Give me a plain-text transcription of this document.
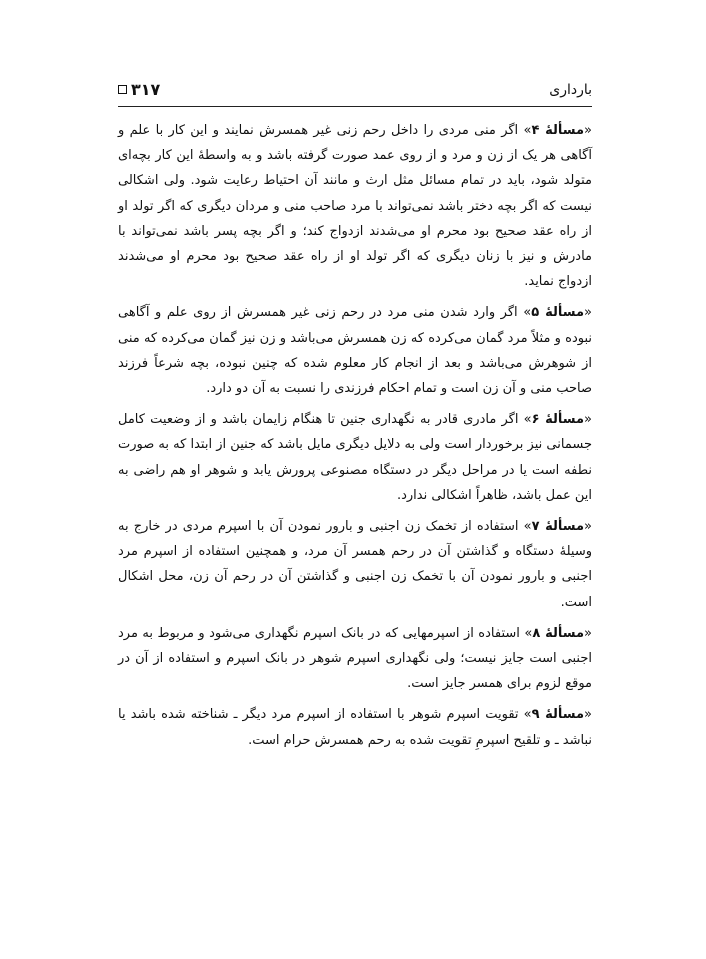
بارداری
۳۱۷

«مسألهٔ ۴» اگر منی مردی را داخل رحم زنی غیر همسرش نمایند و این کار با علم و آگاهی هر یک از زن و مرد و از روی عمد صورت گرفته باشد و به واسطهٔ این کار بچه‌ای متولد شود، باید در تمام مسائل مثل ارث و مانند آن احتیاط رعایت شود. ولی اشکالی نیست که اگر بچه دختر باشد نمی‌تواند با مرد صاحب منی و مردان دیگری که اگر تولد او از راه عقد صحیح بود محرم او می‌شدند ازدواج کند؛ و اگر بچه پسر باشد نمی‌تواند با مادرش و نیز با زنان دیگری که اگر تولد او از راه عقد صحیح بود محرم او می‌شدند ازدواج نماید.

«مسألهٔ ۵» اگر وارد شدن منی مرد در رحم زنی غیر همسرش از روی علم و آگاهی نبوده و مثلاً مرد گمان می‌کرده که زن همسرش می‌باشد و زن نیز گمان می‌کرده که منی از شوهرش می‌باشد و بعد از انجام کار معلوم شده که چنین نبوده، بچه شرعاً فرزند صاحب منی و آن زن است و تمام احکام فرزندی را نسبت به آن دو دارد.

«مسألهٔ ۶» اگر مادری قادر به نگهداری جنین تا هنگام زایمان باشد و از وضعیت کامل جسمانی نیز برخوردار است ولی به دلایل دیگری مایل باشد که جنین از ابتدا که به صورت نطفه است یا در مراحل دیگر در دستگاه مصنوعی پرورش یابد و شوهر او هم راضی به این عمل باشد، ظاهراً اشکالی ندارد.

«مسألهٔ ۷» استفاده از تخمک زن اجنبی و بارور نمودن آن با اسپرم مردی در خارج به وسیلهٔ دستگاه و گذاشتن آن در رحم همسر آن مرد، و همچنین استفاده از اسپرم مرد اجنبی و بارور نمودن آن با تخمک زن اجنبی و گذاشتن آن در رحم آن زن، محل اشکال است.

«مسألهٔ ۸» استفاده از اسپرمهایی که در بانک اسپرم نگهداری می‌شود و مربوط به مرد اجنبی است جایز نیست؛ ولی نگهداری اسپرم شوهر در بانک اسپرم و استفاده از آن در موقع لزوم برای همسر جایز است.

«مسألهٔ ۹» تقویت اسپرم شوهر با استفاده از اسپرم مرد دیگر ـ شناخته شده باشد یا نباشد ـ و تلقیح اسپرمِ تقویت شده به رحم همسرش حرام است.
